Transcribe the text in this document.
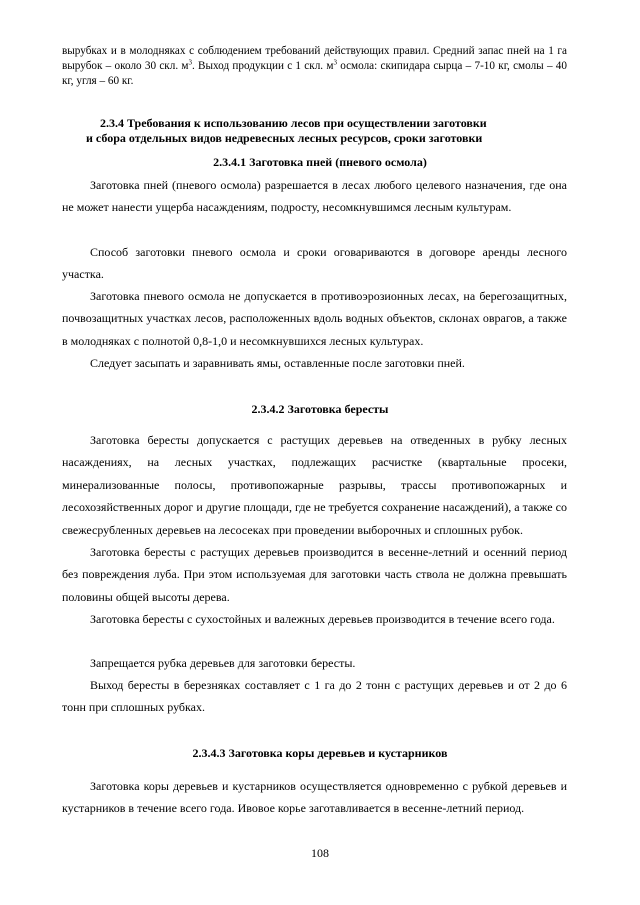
вырубках и в молодняках с соблюдением требований действующих правил. Средний запас пней на 1 га вырубок – около 30 скл. $м^3$. Выход продукции с 1 скл. $м^3$ осмола: скипидара сырца – 7-10 кг, смолы – 40 кг, угля – 60 кг.

2.3.4 Требования к использованию лесов при осуществлении заготовки
и сбора отдельных видов недревесных лесных ресурсов, сроки заготовки
2.3.4.1 Заготовка пней (пневого осмола)

Заготовка пней (пневого осмола) разрешается в лесах любого целевого назначения, где она не может нанести ущерба насаждениям, подросту, несомкнувшимся лесным культурам.

Способ заготовки пневого осмола и сроки оговариваются в договоре аренды лесного участка.

Заготовка пневого осмола не допускается в противоэрозионных лесах, на берегозащитных, почвозащитных участках лесов, расположенных вдоль водных объектов, склонах оврагов, а также в молодняках с полнотой 0,8-1,0 и несомкнувшихся лесных культурах.

Следует засыпать и заравнивать ямы, оставленные после заготовки пней.

2.3.4.2 Заготовка бересты

Заготовка бересты допускается с растущих деревьев на отведенных в рубку лесных насаждениях, на лесных участках, подлежащих расчистке (квартальные просеки, минерализованные полосы, противопожарные разрывы, трассы противопожарных и лесохозяйственных дорог и другие площади, где не требуется сохранение насаждений), а также со свежесрубленных деревьев на лесосеках при проведении выборочных и сплошных рубок.

Заготовка бересты с растущих деревьев производится в весенне-летний и осенний период без повреждения луба. При этом используемая для заготовки часть ствола не должна превышать половины общей высоты дерева.

Заготовка бересты с сухостойных и валежных деревьев производится в течение всего года.

Запрещается рубка деревьев для заготовки бересты.

Выход бересты в березняках составляет с 1 га до 2 тонн с растущих деревьев и от 2 до 6 тонн при сплошных рубках.

2.3.4.3 Заготовка коры деревьев и кустарников

Заготовка коры деревьев и кустарников осуществляется одновременно с рубкой деревьев и кустарников в течение всего года. Ивовое корье заготавливается в весенне-летний период.

108
